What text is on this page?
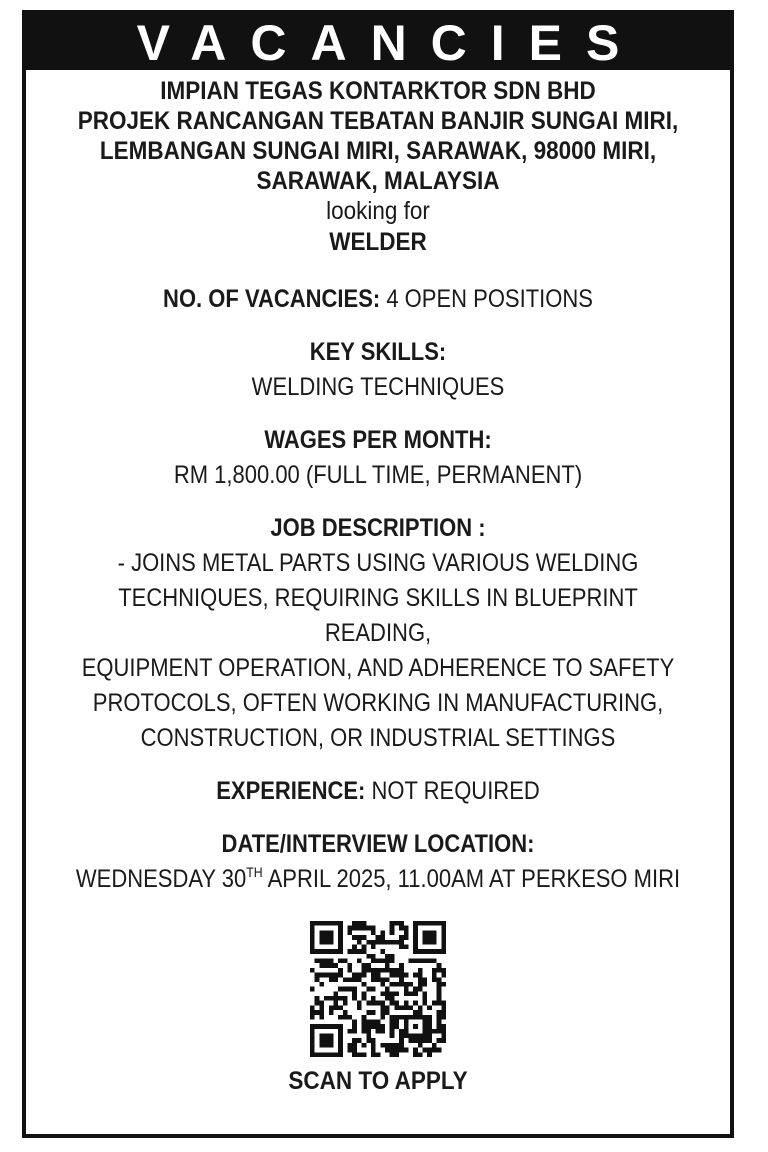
VACANCIES
IMPIAN TEGAS KONTARKTOR SDN BHD
PROJEK RANCANGAN TEBATAN BANJIR SUNGAI MIRI,
LEMBANGAN SUNGAI MIRI, SARAWAK, 98000 MIRI,
SARAWAK, MALAYSIA
looking for
WELDER
NO. OF VACANCIES: 4 OPEN POSITIONS
KEY SKILLS:
WELDING TECHNIQUES
WAGES PER MONTH:
RM 1,800.00 (FULL TIME, PERMANENT)
JOB DESCRIPTION :
- JOINS METAL PARTS USING VARIOUS WELDING
TECHNIQUES, REQUIRING SKILLS IN BLUEPRINT READING,
EQUIPMENT OPERATION, AND ADHERENCE TO SAFETY
PROTOCOLS, OFTEN WORKING IN MANUFACTURING,
CONSTRUCTION, OR INDUSTRIAL SETTINGS
EXPERIENCE: NOT REQUIRED
DATE/INTERVIEW LOCATION:
WEDNESDAY 30TH APRIL 2025, 11.00AM AT PERKESO MIRI
SCAN TO APPLY
